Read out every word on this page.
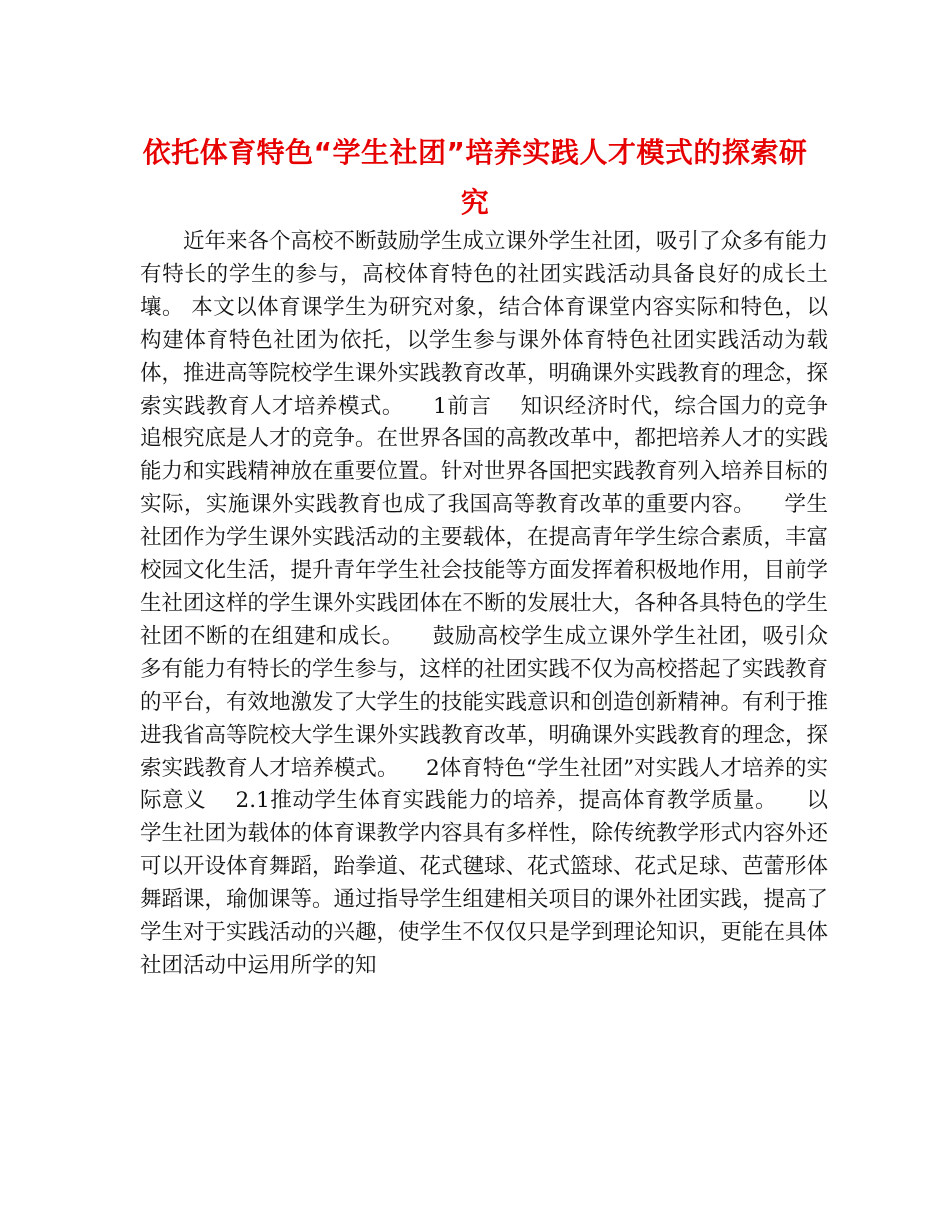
依托体育特色“学生社团”培养实践人才模式的探索研究

近年来各个高校不断鼓励学生成立课外学生社团，吸引了众多有能力有特长的学生的参与，高校体育特色的社团实践活动具备良好的成长土壤。 本文以体育课学生为研究对象，结合体育课堂内容实际和特色，以构建体育特色社团为依托，以学生参与课外体育特色社团实践活动为载体，推进高等院校学生课外实践教育改革，明确课外实践教育的理念，探索实践教育人才培养模式。    1前言    知识经济时代，综合国力的竞争追根究底是人才的竞争。在世界各国的高教改革中，都把培养人才的实践能力和实践精神放在重要位置。针对世界各国把实践教育列入培养目标的实际，实施课外实践教育也成了我国高等教育改革的重要内容。    学生社团作为学生课外实践活动的主要载体，在提高青年学生综合素质，丰富校园文化生活，提升青年学生社会技能等方面发挥着积极地作用，目前学生社团这样的学生课外实践团体在不断的发展壮大，各种各具特色的学生社团不断的在组建和成长。    鼓励高校学生成立课外学生社团，吸引众多有能力有特长的学生参与，这样的社团实践不仅为高校搭起了实践教育的平台，有效地激发了大学生的技能实践意识和创造创新精神。有利于推进我省高等院校大学生课外实践教育改革，明确课外实践教育的理念，探索实践教育人才培养模式。    2体育特色“学生社团”对实践人才培养的实际意义    2.1推动学生体育实践能力的培养，提高体育教学质量。    以学生社团为载体的体育课教学内容具有多样性，除传统教学形式内容外还可以开设体育舞蹈，跆拳道、花式毽球、花式篮球、花式足球、芭蕾形体舞蹈课，瑜伽课等。通过指导学生组建相关项目的课外社团实践，提高了学生对于实践活动的兴趣，使学生不仅仅只是学到理论知识，更能在具体社团活动中运用所学的知
